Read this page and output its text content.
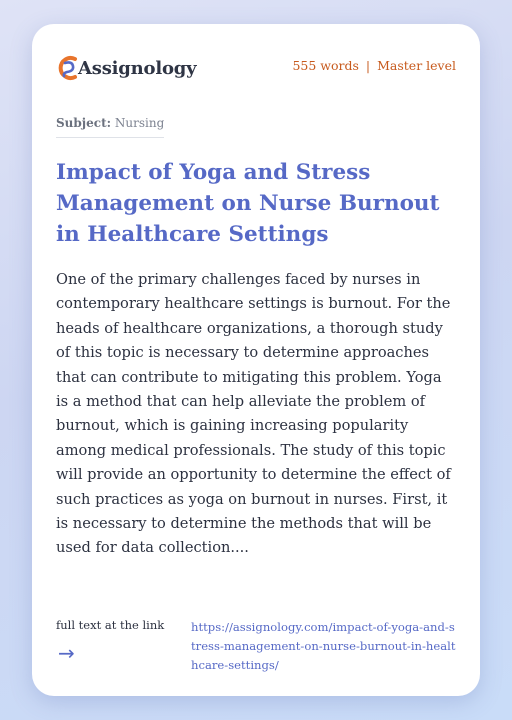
Assignology	555 words | Master level
Subject: Nursing
Impact of Yoga and Stress Management on Nurse Burnout in Healthcare Settings

One of the primary challenges faced by nurses in contemporary healthcare settings is burnout. For the heads of healthcare organizations, a thorough study of this topic is necessary to determine approaches that can contribute to mitigating this problem. Yoga is a method that can help alleviate the problem of burnout, which is gaining increasing popularity among medical professionals. The study of this topic will provide an opportunity to determine the effect of such practices as yoga on burnout in nurses. First, it is necessary to determine the methods that will be used for data collection....

full text at the link
→
https://assignology.com/impact-of-yoga-and-stress-management-on-nurse-burnout-in-healthcare-settings/
